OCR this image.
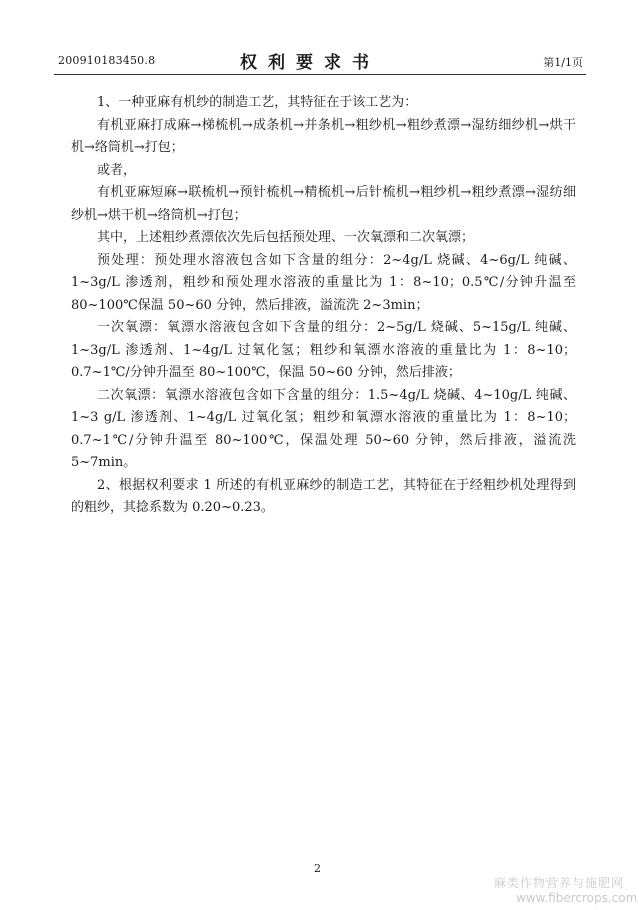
200910183450.8	权利要求书	第1/1页

1、一种亚麻有机纱的制造工艺，其特征在于该工艺为：

有机亚麻打成麻→梯梳机→成条机→并条机→粗纱机→粗纱煮漂→湿纺细纱机→烘干机→络筒机→打包；

或者，

有机亚麻短麻→联梳机→预针梳机→精梳机→后针梳机→粗纱机→粗纱煮漂→湿纺细纱机→烘干机→络筒机→打包；

其中，上述粗纱煮漂依次先后包括预处理、一次氧漂和二次氧漂；

预处理：预处理水溶液包含如下含量的组分：2~4g/L 烧碱、4~6g/L 纯碱、1~3g/L 渗透剂，粗纱和预处理水溶液的重量比为 1：8~10；0.5℃/分钟升温至 80~100℃保温 50~60 分钟，然后排液，溢流洗 2~3min；

一次氧漂：氧漂水溶液包含如下含量的组分：2~5g/L 烧碱、5~15g/L 纯碱、1~3g/L 渗透剂、1~4g/L 过氧化氢；粗纱和氧漂水溶液的重量比为 1：8~10；0.7~1℃/分钟升温至 80~100℃，保温 50~60 分钟，然后排液；

二次氧漂：氧漂水溶液包含如下含量的组分：1.5~4g/L 烧碱、4~10g/L 纯碱、1~3 g/L 渗透剂、1~4g/L 过氧化氢；粗纱和氧漂水溶液的重量比为 1：8~10；0.7~1℃/分钟升温至 80~100℃，保温处理 50~60 分钟，然后排液，溢流洗 5~7min。

2、根据权利要求 1 所述的有机亚麻纱的制造工艺，其特征在于经粗纱机处理得到的粗纱，其捻系数为 0.20~0.23。

2
麻类作物营养与施肥网
www.fibercrops.com
